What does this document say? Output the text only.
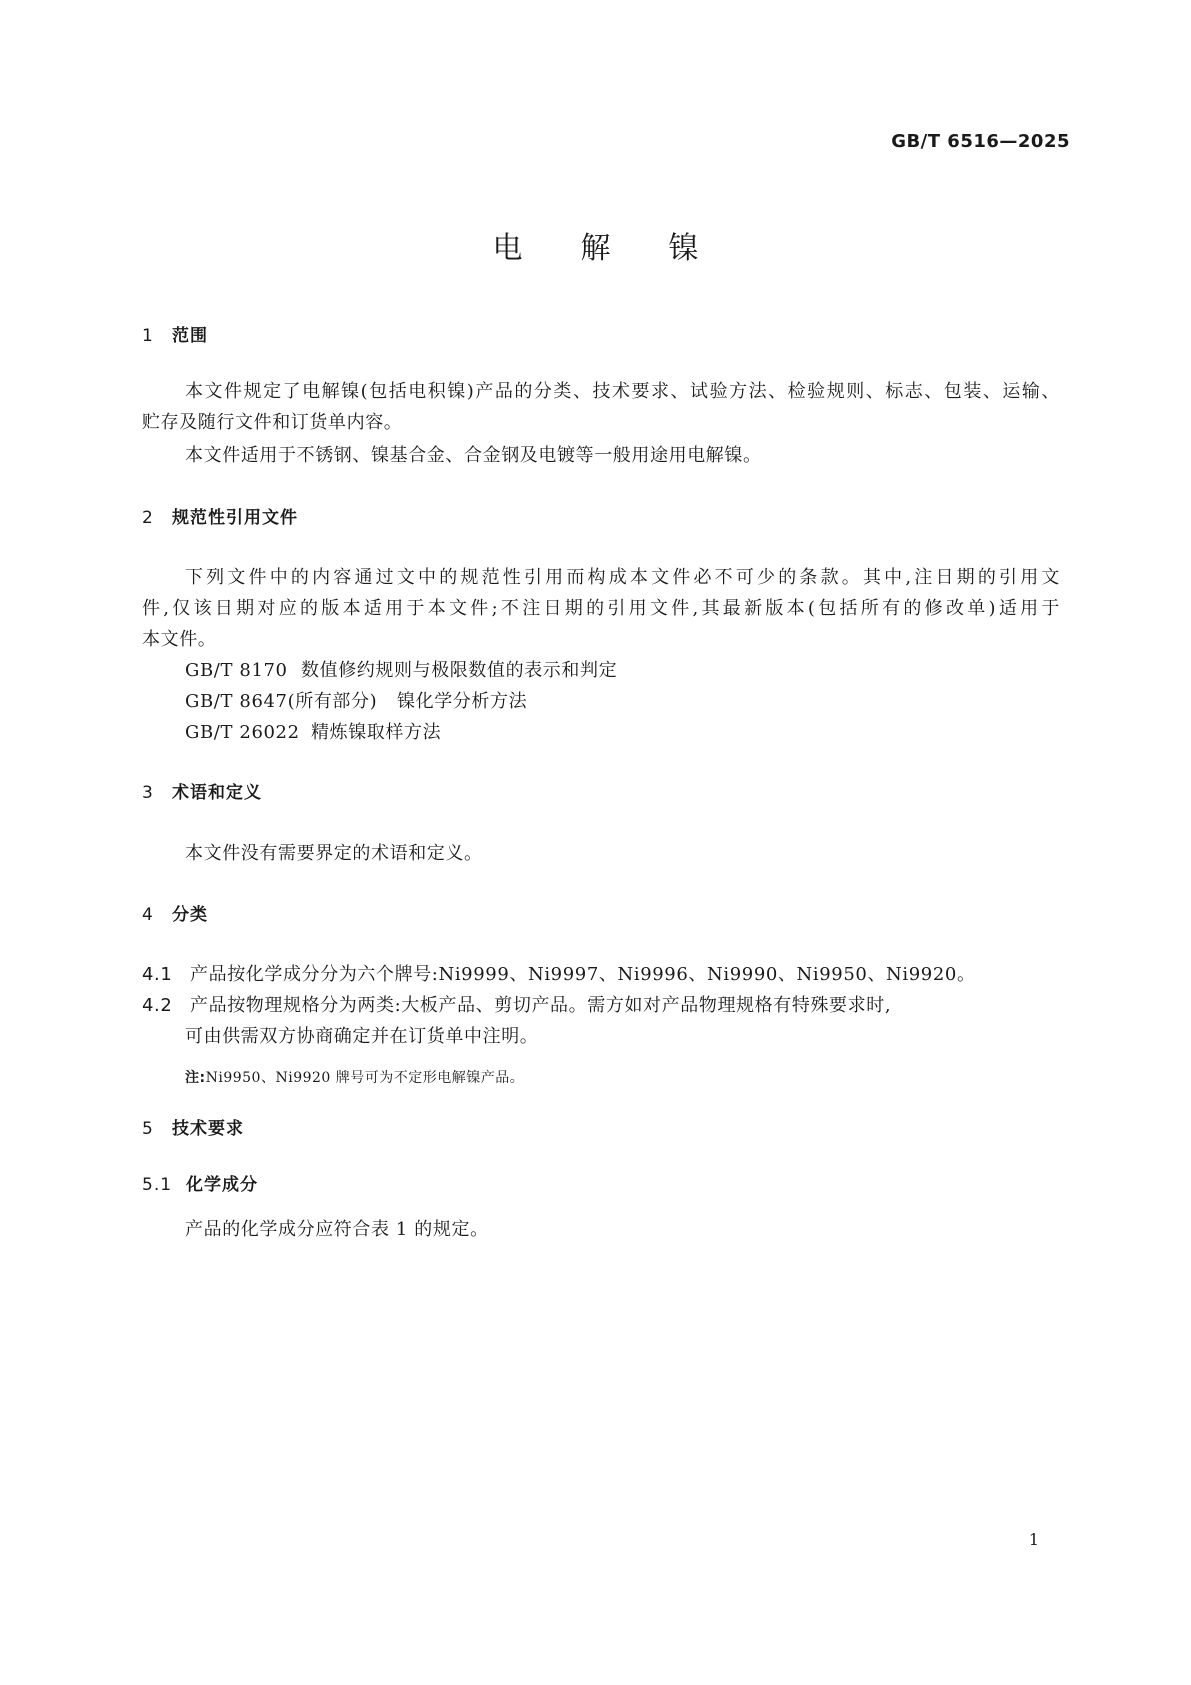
GB/T 6516—2025
电解镍
1 范围
本文件规定了电解镍(包括电积镍)产品的分类、技术要求、试验方法、检验规则、标志、包装、运输、
贮存及随行文件和订货单内容。
本文件适用于不锈钢、镍基合金、合金钢及电镀等一般用途用电解镍。
2 规范性引用文件
下列文件中的内容通过文中的规范性引用而构成本文件必不可少的条款。其中,注日期的引用文
件,仅该日期对应的版本适用于本文件;不注日期的引用文件,其最新版本(包括所有的修改单)适用于
本文件。
GB/T 8170 数值修约规则与极限数值的表示和判定
GB/T 8647(所有部分) 镍化学分析方法
GB/T 26022 精炼镍取样方法
3 术语和定义
本文件没有需要界定的术语和定义。
4 分类
4.1 产品按化学成分分为六个牌号:Ni9999、Ni9997、Ni9996、Ni9990、Ni9950、Ni9920。
4.2 产品按物理规格分为两类:大板产品、剪切产品。需方如对产品物理规格有特殊要求时,
可由供需双方协商确定并在订货单中注明。
注:Ni9950、Ni9920 牌号可为不定形电解镍产品。
5 技术要求
5.1 化学成分
产品的化学成分应符合表 1 的规定。
1
